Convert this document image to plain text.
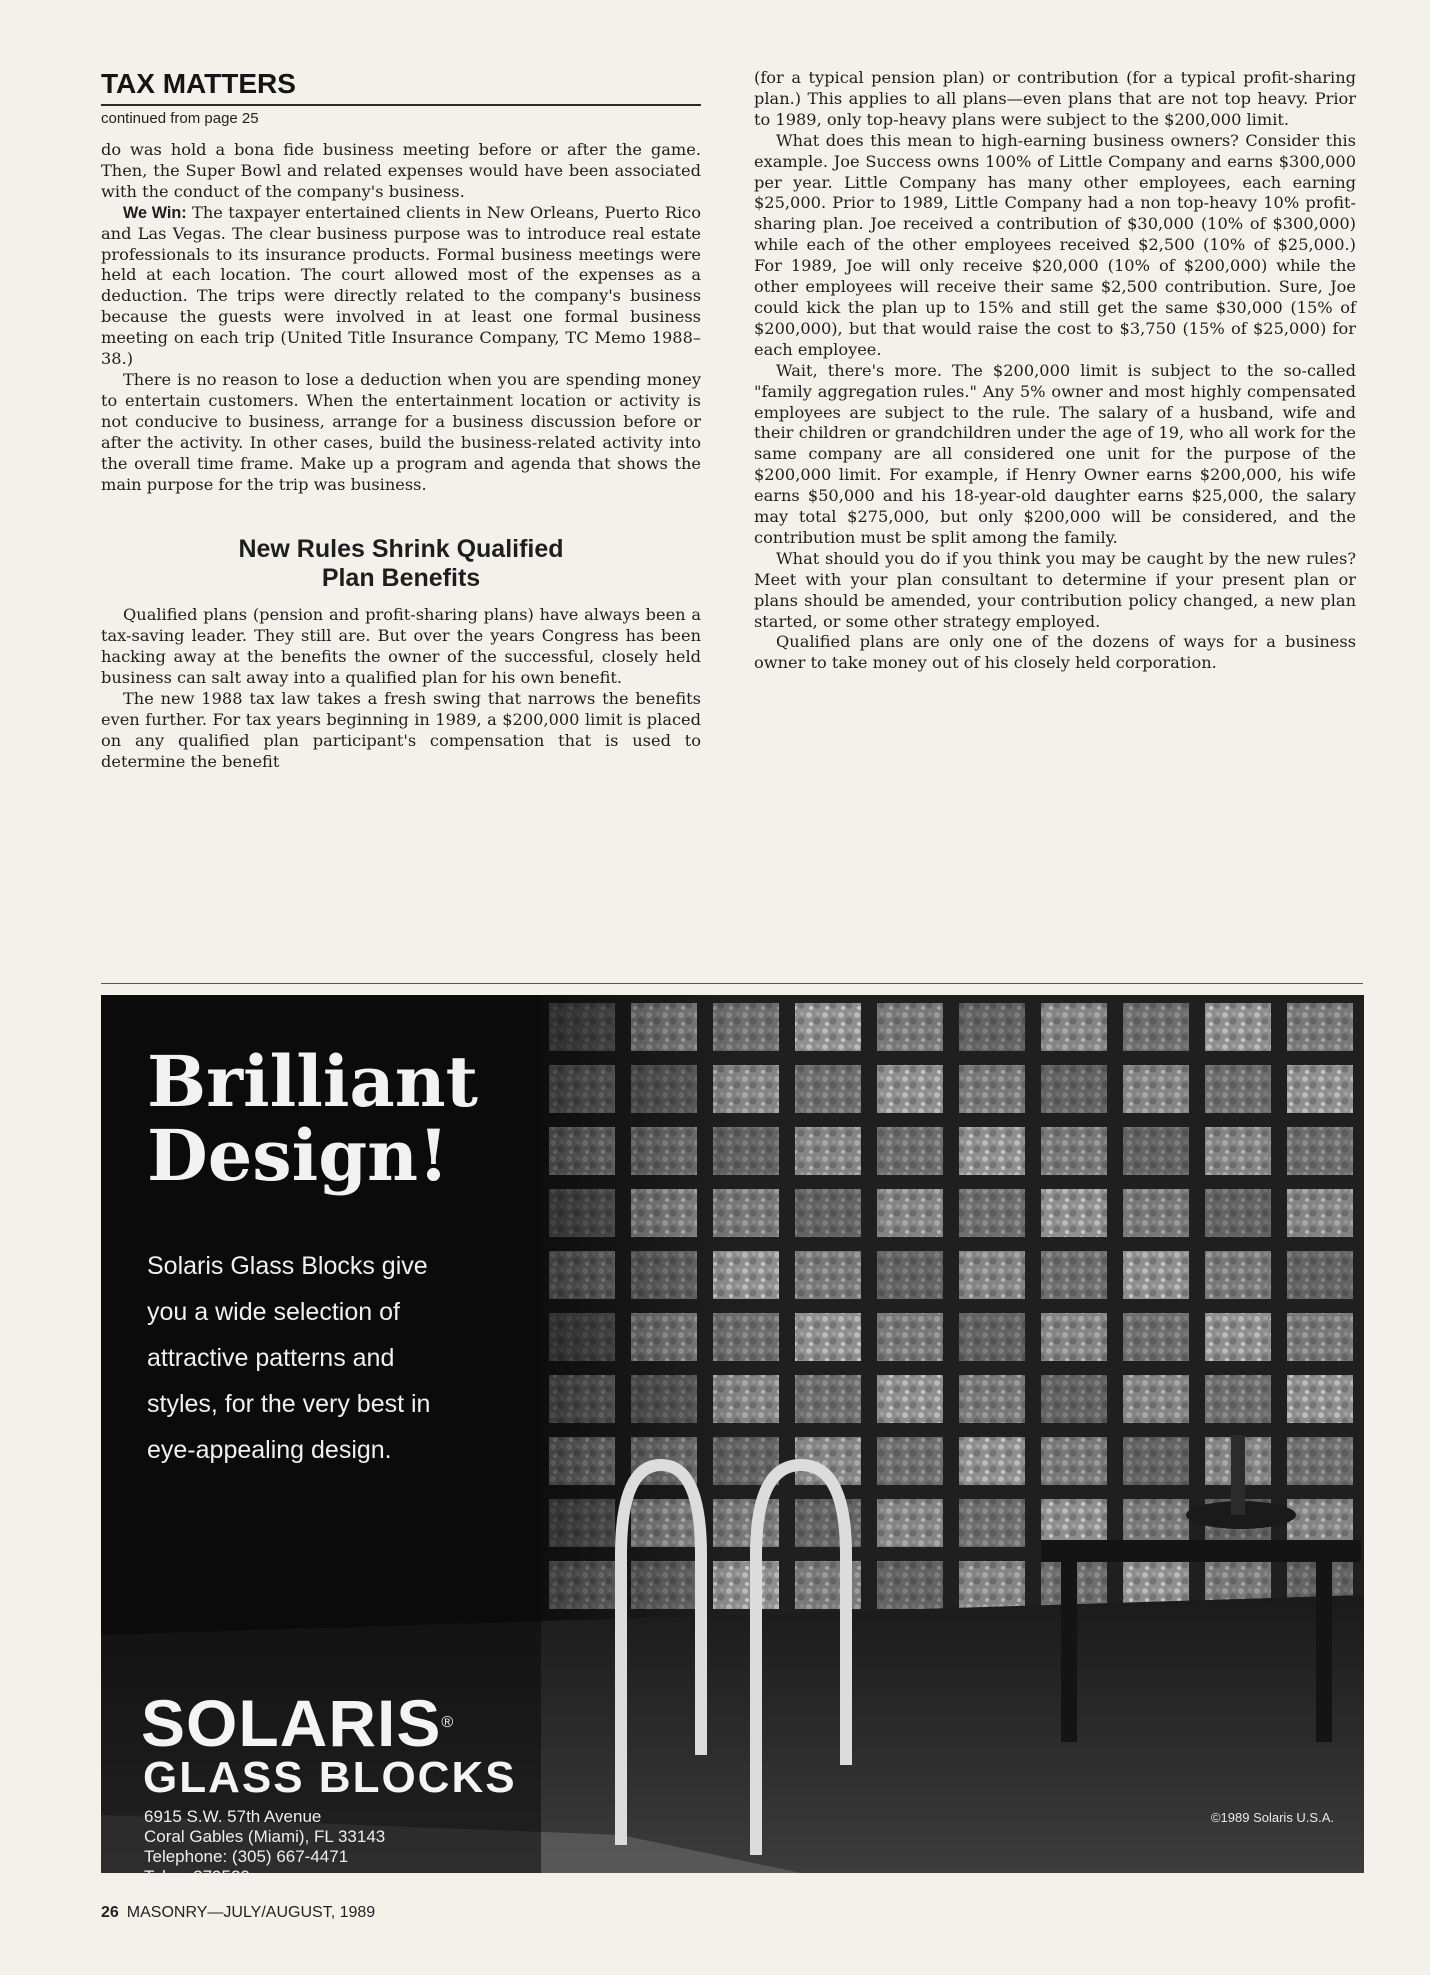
TAX MATTERS
continued from page 25

do was hold a bona fide business meeting before or after the game. Then, the Super Bowl and related expenses would have been associated with the conduct of the company's business.

We Win: The taxpayer entertained clients in New Orleans, Puerto Rico and Las Vegas. The clear business purpose was to introduce real estate professionals to its insurance products. Formal business meetings were held at each location. The court allowed most of the expenses as a deduction. The trips were directly related to the company's business because the guests were involved in at least one formal business meeting on each trip (United Title Insurance Company, TC Memo 1988–38.)

There is no reason to lose a deduction when you are spending money to entertain customers. When the entertainment location or activity is not conducive to business, arrange for a business discussion before or after the activity. In other cases, build the business-related activity into the overall time frame. Make up a program and agenda that shows the main purpose for the trip was business.

New Rules Shrink Qualified
Plan Benefits

Qualified plans (pension and profit-sharing plans) have always been a tax-saving leader. They still are. But over the years Congress has been hacking away at the benefits the owner of the successful, closely held business can salt away into a qualified plan for his own benefit.

The new 1988 tax law takes a fresh swing that narrows the benefits even further. For tax years beginning in 1989, a $200,000 limit is placed on any qualified plan participant's compensation that is used to determine the benefit

(for a typical pension plan) or contribution (for a typical profit-sharing plan.) This applies to all plans—even plans that are not top heavy. Prior to 1989, only top-heavy plans were subject to the $200,000 limit.

What does this mean to high-earning business owners? Consider this example. Joe Success owns 100% of Little Company and earns $300,000 per year. Little Company has many other employees, each earning $25,000. Prior to 1989, Little Company had a non top-heavy 10% profit-sharing plan. Joe received a contribution of $30,000 (10% of $300,000) while each of the other employees received $2,500 (10% of $25,000.) For 1989, Joe will only receive $20,000 (10% of $200,000) while the other employees will receive their same $2,500 contribution. Sure, Joe could kick the plan up to 15% and still get the same $30,000 (15% of $200,000), but that would raise the cost to $3,750 (15% of $25,000) for each employee.

Wait, there's more. The $200,000 limit is subject to the so-called "family aggregation rules." Any 5% owner and most highly compensated employees are subject to the rule. The salary of a husband, wife and their children or grandchildren under the age of 19, who all work for the same company are all considered one unit for the purpose of the $200,000 limit. For example, if Henry Owner earns $200,000, his wife earns $50,000 and his 18-year-old daughter earns $25,000, the salary may total $275,000, but only $200,000 will be considered, and the contribution must be split among the family.

What should you do if you think you may be caught by the new rules? Meet with your plan consultant to determine if your present plan or plans should be amended, your contribution policy changed, a new plan started, or some other strategy employed.

Qualified plans are only one of the dozens of ways for a business owner to take money out of his closely held corporation.

Brilliant
Design!
Solaris Glass Blocks give
you a wide selection of
attractive patterns and
styles, for the very best in
eye-appealing design.
SOLARIS®
GLASS BLOCKS
6915 S.W. 57th Avenue
Coral Gables (Miami), FL 33143
Telephone: (305) 667-4471
Telex: 279520
©1989 Solaris U.S.A.
26 MASONRY—JULY/AUGUST, 1989
